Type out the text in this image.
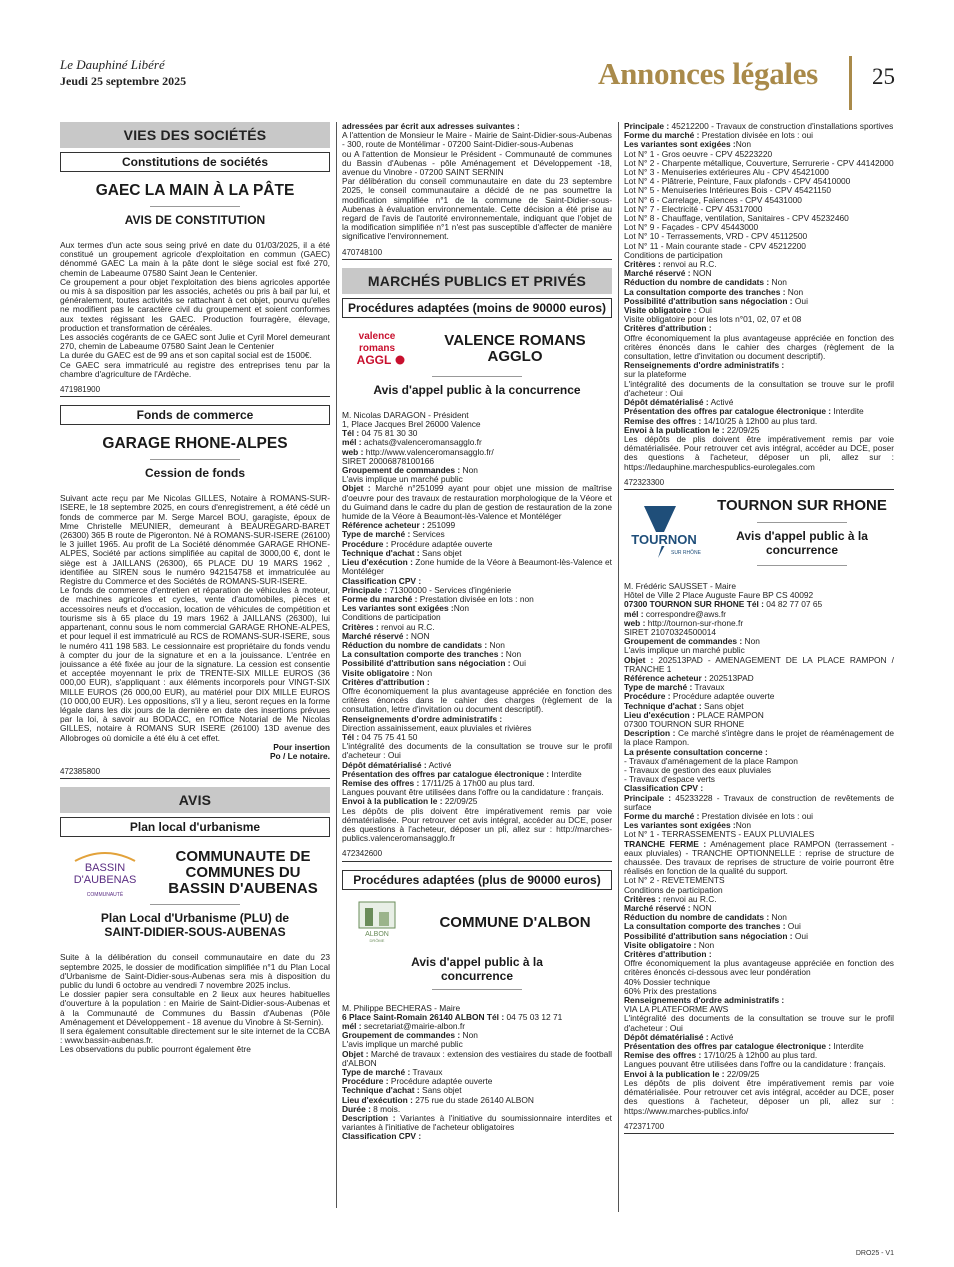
Le Dauphiné Libéré
Jeudi 25 septembre 2025	Annonces légales 25
VIES DES SOCIÉTÉS
Constitutions de sociétés
GAEC LA MAIN À LA PÂTE
AVIS DE CONSTITUTION
Aux termes d'un acte sous seing privé en date du 01/03/2025, il a été constitué un groupement agricole d'exploitation en commun (GAEC) dénommé GAEC La main à la pâte dont le siège social est fixé 270, chemin de Labeaume 07580 Saint Jean le Centenier.
Ce groupement a pour objet l'exploitation des biens agricoles apportée ou mis à sa disposition par les associés, achetés ou pris à bail par lui, et généralement, toutes activités se rattachant à cet objet, pourvu qu'elles ne modifient pas le caractère civil du groupement et soient conformes aux textes régissant les GAEC. Production fourragère, élevage, production et transformation de céréales.
Les associés cogérants de ce GAEC sont Julie et Cyril Morel demeurant 270, chemin de Labeaume 07580 Saint Jean le Centenier
La durée du GAEC est de 99 ans et son capital social est de 1500€.
Ce GAEC sera immatriculé au registre des entreprises tenu par la chambre d'agriculture de l'Ardèche.
471981900
Fonds de commerce
GARAGE RHONE-ALPES
Cession de fonds
Suivant acte reçu par Me Nicolas GILLES, Notaire à ROMANS-SUR-ISERE, le 18 septembre 2025, en cours d'enregistrement, a été cédé un fonds de commerce par M. Serge Marcel BOU, garagiste, époux de Mme Christelle MEUNIER, demeurant à BEAUREGARD-BARET (26300) 365 B route de Pigeronton. Né à ROMANS-SUR-ISERE (26100) le 3 juillet 1965. Au profit de La Société dénommée GARAGE RHONE-ALPES, Société par actions simplifiée au capital de 3000,00 €, dont le siège est à JAILLANS (26300), 65 PLACE DU 19 MARS 1962 , identifiée au SIREN sous le numéro 942154758 et immatriculée au Registre du Commerce et des Sociétés de ROMANS-SUR-ISERE.
Le fonds de commerce d'entretien et réparation de véhicules à moteur, de machines agricoles et cycles, vente d'automobiles, pièces et accessoires neufs et d'occasion, location de véhicules de compétition et tourisme sis à 65 place du 19 mars 1962 à JAILLANS (26300), lui appartenant, connu sous le nom commercial GARAGE RHONE-ALPES, et pour lequel il est immatriculé au RCS de ROMANS-SUR-ISERE, sous le numéro 411 198 583. Le cessionnaire est propriétaire du fonds vendu à compter du jour de la signature et en a la jouissance. L'entrée en jouissance a été fixée au jour de la signature. La cession est consentie et acceptée moyennant le prix de TRENTE-SIX MILLE EUROS (36 000,00 EUR), s'appliquant : aux éléments incorporels pour VINGT-SIX MILLE EUROS (26 000,00 EUR), au matériel pour DIX MILLE EUROS (10 000,00 EUR). Les oppositions, s'il y a lieu, seront reçues en la forme légale dans les dix jours de la dernière en date des insertions prévues par la loi, à savoir au BODACC, en l'Office Notarial de Me Nicolas GILLES, notaire à ROMANS SUR ISERE (26100) 13D avenue des Allobroges où domicile a été élu à cet effet.
Pour insertion
Po / Le notaire.
472385800
AVIS
Plan local d'urbanisme
BASSIN
D'AUBENAS
COMMUNAUTÉ
COMMUNAUTE DE COMMUNES DU BASSIN D'AUBENAS
Plan Local d'Urbanisme (PLU) de SAINT-DIDIER-SOUS-AUBENAS
Suite à la délibération du conseil communautaire en date du 23 septembre 2025, le dossier de modification simplifiée n°1 du Plan Local d'Urbanisme de Saint-Didier-sous-Aubenas sera mis à disposition du public du lundi 6 octobre au vendredi 7 novembre 2025 inclus.
Le dossier papier sera consultable en 2 lieux aux heures habituelles d'ouverture à la population : en Mairie de Saint-Didier-sous-Aubenas et à la Communauté de Communes du Bassin d'Aubenas (Pôle Aménagement et Développement - 18 avenue du Vinobre à St-Sernin).
Il sera également consultable directement sur le site internet de la CCBA : www.bassin-aubenas.fr.
Les observations du public pourront également être
adressées par écrit aux adresses suivantes :
A l'attention de Monsieur le Maire - Mairie de Saint-Didier-sous-Aubenas - 300, route de Montélimar - 07200 Saint-Didier-sous-Aubenas
ou A l'attention de Monsieur le Président - Communauté de communes du Bassin d'Aubenas - pôle Aménagement et Développement -18, avenue du Vinobre - 07200 SAINT SERNIN
Par délibération du conseil communautaire en date du 23 septembre 2025, le conseil communautaire a décidé de ne pas soumettre la modification simplifiée n°1 de la commune de Saint-Didier-sous-Aubenas à évaluation environnementale. Cette décision a été prise au regard de l'avis de l'autorité environnementale, indiquant que l'objet de la modification simplifiée n°1 n'est pas susceptible d'affecter de manière significative l'environnement.
470748100
MARCHÉS PUBLICS ET PRIVÉS
Procédures adaptées (moins de 90000 euros)
valence
romans
AGGL
VALENCE ROMANS AGGLO
Avis d'appel public à la concurrence
M. Nicolas DARAGON - Président
1, Place Jacques Brel 26000 Valence
Tél : 04 75 81 30 30
mél : achats@valenceromansagglo.fr
web : http://www.valenceromansagglo.fr/
SIRET 20006878100166
Groupement de commandes : Non
L'avis implique un marché public
Objet : Marché n°251099 ayant pour objet une mission de maîtrise d'oeuvre pour des travaux de restauration morphologique de la Véore et du Guimand dans le cadre du plan de gestion de restauration de la zone humide de la Véore à Beaumont-lès-Valence et Montéléger
Référence acheteur : 251099
Type de marché : Services
Procédure : Procédure adaptée ouverte
Technique d'achat : Sans objet
Lieu d'exécution : Zone humide de la Véore à Beaumont-lès-Valence et Montéléger
Classification CPV :
Principale : 71300000 - Services d'ingénierie
Forme du marché : Prestation divisée en lots : non
Les variantes sont exigées :Non
Conditions de participation
Critères : renvoi au R.C.
Marché réservé : NON
Réduction du nombre de candidats : Non
La consultation comporte des tranches : Non
Possibilité d'attribution sans négociation : Oui
Visite obligatoire : Non
Critères d'attribution :
Offre économiquement la plus avantageuse appréciée en fonction des critères énoncés dans le cahier des charges (règlement de la consultation, lettre d'invitation ou document descriptif).
Renseignements d'ordre administratifs :
Direction assainissement, eaux pluviales et rivières
Tél : 04 75 75 41 50
L'intégralité des documents de la consultation se trouve sur le profil d'acheteur : Oui
Dépôt dématérialisé : Activé
Présentation des offres par catalogue électronique : Interdite
Remise des offres : 17/11/25 à 17h00 au plus tard.
Langues pouvant être utilisées dans l'offre ou la candidature : français.
Envoi à la publication le : 22/09/25
Les dépôts de plis doivent être impérativement remis par voie dématérialisée. Pour retrouver cet avis intégral, accéder au DCE, poser des questions à l'acheteur, déposer un pli, allez sur : http://marches-publics.valenceromansagglo.fr
472342600
Procédures adaptées (plus de 90000 euros)
ALBON
DRÔME
COMMUNE D'ALBON
Avis d'appel public à la concurrence
M. Philippe BECHERAS - Maire
6 Place Saint-Romain 26140 ALBON Tél : 04 75 03 12 71
mél : secretariat@mairie-albon.fr
Groupement de commandes : Non
L'avis implique un marché public
Objet : Marché de travaux : extension des vestiaires du stade de football d'ALBON
Type de marché : Travaux
Procédure : Procédure adaptée ouverte
Technique d'achat : Sans objet
Lieu d'exécution : 275 rue du stade 26140 ALBON
Durée : 8 mois.
Description : Variantes à l'initiative du soumissionnaire interdites et variantes à l'initiative de l'acheteur obligatoires
Classification CPV :
Principale : 45212200 - Travaux de construction d'installations sportives
Forme du marché : Prestation divisée en lots : oui
Les variantes sont exigées :Non
Lot N° 1 - Gros oeuvre - CPV 45223220
Lot N° 2 - Charpente métallique, Couverture, Serrurerie - CPV 44142000
Lot N° 3 - Menuiseries extérieures Alu - CPV 45421000
Lot N° 4 - Plâtrerie, Peinture, Faux plafonds - CPV 45410000
Lot N° 5 - Menuiseries Intérieures Bois - CPV 45421150
Lot N° 6 - Carrelage, Faïences - CPV 45431000
Lot N° 7 - Electricité - CPV 45317000
Lot N° 8 - Chauffage, ventilation, Sanitaires - CPV 45232460
Lot N° 9 - Façades - CPV 45443000
Lot N° 10 - Terrassements, VRD - CPV 45112500
Lot N° 11 - Main courante stade - CPV 45212200
Conditions de participation
Critères : renvoi au R.C.
Marché réservé : NON
Réduction du nombre de candidats : Non
La consultation comporte des tranches : Non
Possibilité d'attribution sans négociation : Oui
Visite obligatoire : Oui
Visite obligatoire pour les lots n°01, 02, 07 et 08
Critères d'attribution :
Offre économiquement la plus avantageuse appréciée en fonction des critères énoncés dans le cahier des charges (règlement de la consultation, lettre d'invitation ou document descriptif).
Renseignements d'ordre administratifs :
sur la plateforme
L'intégralité des documents de la consultation se trouve sur le profil d'acheteur : Oui
Dépôt dématérialisé : Activé
Présentation des offres par catalogue électronique : Interdite
Remise des offres : 14/10/25 à 12h00 au plus tard.
Envoi à la publication le : 22/09/25
Les dépôts de plis doivent être impérativement remis par voie dématérialisée. Pour retrouver cet avis intégral, accéder au DCE, poser des questions à l'acheteur, déposer un pli, allez sur : https://ledauphine.marchespublics-eurolegales.com
472323300
TOURNON
SUR RHÔNE
TOURNON SUR RHONE
Avis d'appel public à la concurrence
M. Frédéric SAUSSET - Maire
Hôtel de Ville 2 Place Auguste Faure BP CS 40092
07300 TOURNON SUR RHONE Tél : 04 82 77 07 65
mél : correspondre@aws.fr
web : http://tournon-sur-rhone.fr
SIRET 21070324500014
Groupement de commandes : Non
L'avis implique un marché public
Objet : 202513PAD - AMENAGEMENT DE LA PLACE RAMPON / TRANCHE 1
Référence acheteur : 202513PAD
Type de marché : Travaux
Procédure : Procédure adaptée ouverte
Technique d'achat : Sans objet
Lieu d'exécution : PLACE RAMPON
07300 TOURNON SUR RHONE
Description : Ce marché s'intègre dans le projet de réaménagement de la place Rampon.
La présente consultation concerne :
- Travaux d'aménagement de la place Rampon
- Travaux de gestion des eaux pluviales
- Travaux d'espace verts
Classification CPV :
Principale : 45233228 - Travaux de construction de revêtements de surface
Forme du marché : Prestation divisée en lots : oui
Les variantes sont exigées :Non
Lot N° 1 - TERRASSEMENTS - EAUX PLUVIALES
TRANCHE FERME : Aménagement place RAMPON (terrassement - eaux pluviales) - TRANCHE OPTIONNELLE : reprise de structure de chaussée. Des travaux de reprises de structure de voirie pourront être réalisés en fonction de la qualité du support.
Lot N° 2 - REVETEMENTS
Conditions de participation
Critères : renvoi au R.C.
Marché réservé : NON
Réduction du nombre de candidats : Non
La consultation comporte des tranches : Oui
Possibilité d'attribution sans négociation : Oui
Visite obligatoire : Non
Critères d'attribution :
Offre économiquement la plus avantageuse appréciée en fonction des critères énoncés ci-dessous avec leur pondération
40% Dossier technique
60% Prix des prestations
Renseignements d'ordre administratifs :
VIA LA PLATEFORME AWS
L'intégralité des documents de la consultation se trouve sur le profil d'acheteur : Oui
Dépôt dématérialisé : Activé
Présentation des offres par catalogue électronique : Interdite
Remise des offres : 17/10/25 à 12h00 au plus tard.
Langues pouvant être utilisées dans l'offre ou la candidature : français.
Envoi à la publication le : 22/09/25
Les dépôts de plis doivent être impérativement remis par voie dématérialisée. Pour retrouver cet avis intégral, accéder au DCE, poser des questions à l'acheteur, déposer un pli, allez sur : https://www.marches-publics.info/
472371700
DRO25 - V1
